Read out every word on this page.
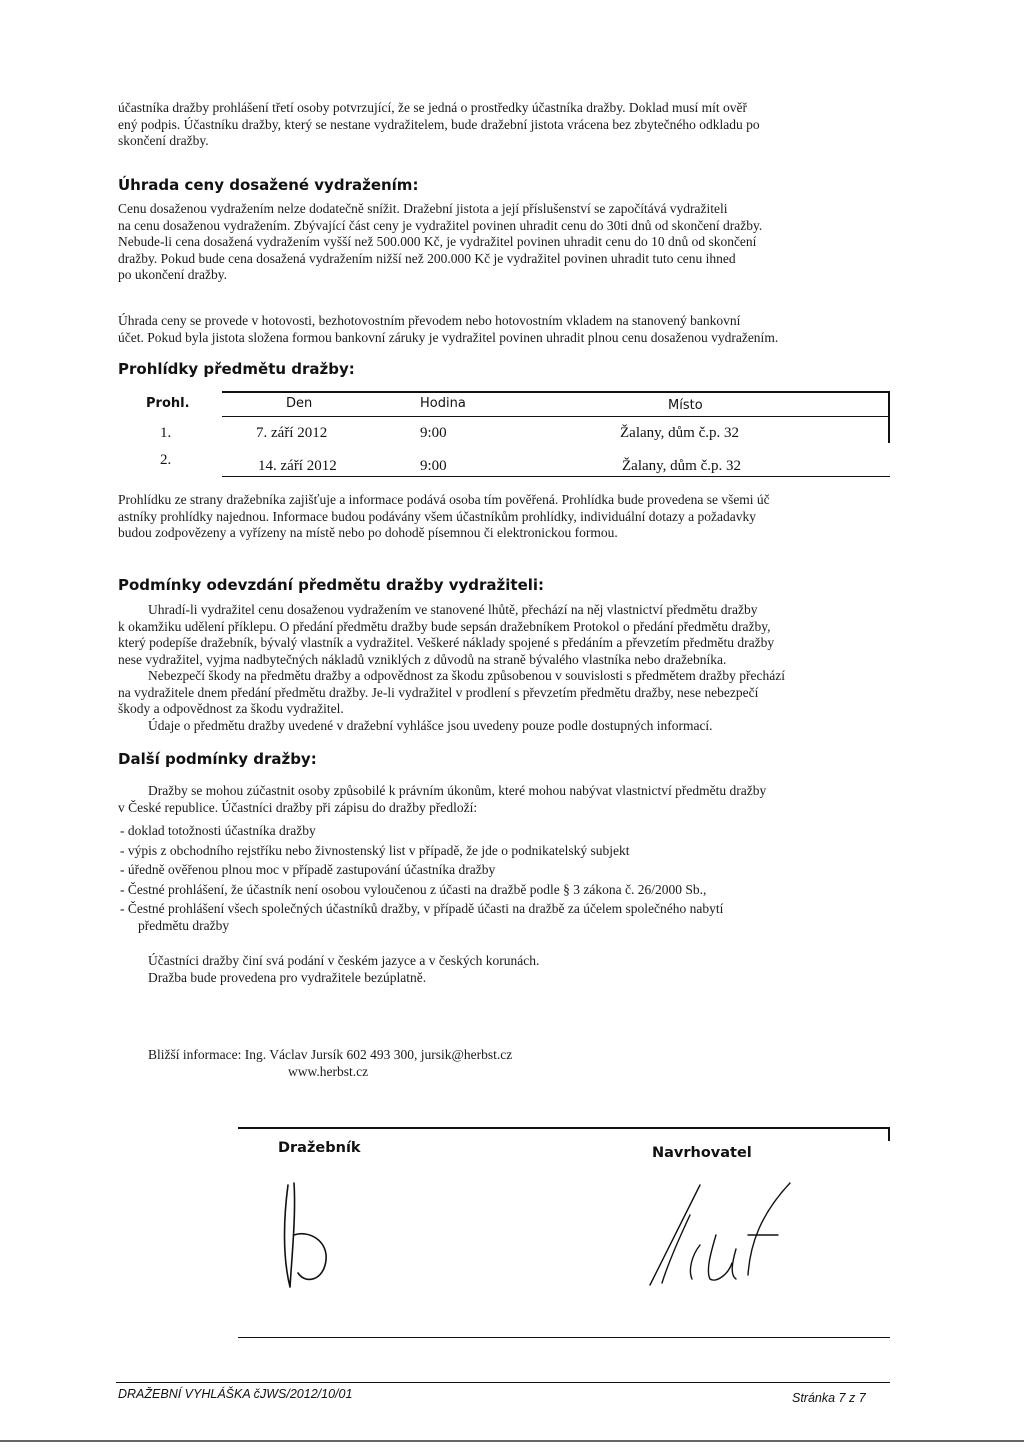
účastníka dražby prohlášení třetí osoby potvrzující, že se jedná o prostředky účastníka dražby. Doklad musí mít ověř
ený podpis. Účastníku dražby, který se nestane vydražitelem, bude dražební jistota vrácena bez zbytečného odkladu po
skončení dražby.
Úhrada ceny dosažené vydražením:
Cenu dosaženou vydražením nelze dodatečně snížit. Dražební jistota a její příslušenství se započítává vydražiteli
na cenu dosaženou vydražením. Zbývající část ceny je vydražitel povinen uhradit cenu do 30ti dnů od skončení dražby.
Nebude-li cena dosažená vydražením vyšší než 500.000 Kč, je vydražitel povinen uhradit cenu do 10 dnů od skončení
dražby. Pokud bude cena dosažená vydražením nižší než 200.000 Kč je vydražitel povinen uhradit tuto cenu ihned
po ukončení dražby.
Úhrada ceny se provede v hotovosti, bezhotovostním převodem nebo hotovostním vkladem na stanovený bankovní
účet. Pokud byla jistota složena formou bankovní záruky je vydražitel povinen uhradit plnou cenu dosaženou vydražením.
Prohlídky předmětu dražby:
Prohl.	Den	Hodina	Místo
1.	7. září 2012	9:00	Žalany, dům č.p. 32
2.	14. září 2012	9:00	Žalany, dům č.p. 32
Prohlídku ze strany dražebníka zajišťuje a informace podává osoba tím pověřená. Prohlídka bude provedena se všemi úč
astníky prohlídky najednou. Informace budou podávány všem účastníkům prohlídky, individuální dotazy a požadavky
budou zodpovězeny a vyřízeny na místě nebo po dohodě písemnou či elektronickou formou.
Podmínky odevzdání předmětu dražby vydražiteli:
Uhradí-li vydražitel cenu dosaženou vydražením ve stanovené lhůtě, přechází na něj vlastnictví předmětu dražby
k okamžiku udělení příklepu. O předání předmětu dražby bude sepsán dražebníkem Protokol o předání předmětu dražby,
který podepíše dražebník, bývalý vlastník a vydražitel. Veškeré náklady spojené s předáním a převzetím předmětu dražby
nese vydražitel, vyjma nadbytečných nákladů vzniklých z důvodů na straně bývalého vlastníka nebo dražebníka.
Nebezpečí škody na předmětu dražby a odpovědnost za škodu způsobenou v souvislosti s předmětem dražby přechází
na vydražitele dnem předání předmětu dražby. Je-li vydražitel v prodlení s převzetím předmětu dražby, nese nebezpečí
škody a odpovědnost za škodu vydražitel.
Údaje o předmětu dražby uvedené v dražební vyhlášce jsou uvedeny pouze podle dostupných informací.
Další podmínky dražby:
Dražby se mohou zúčastnit osoby způsobilé k právním úkonům, které mohou nabývat vlastnictví předmětu dražby
v České republice. Účastníci dražby při zápisu do dražby předloží:
- doklad totožnosti účastníka dražby
- výpis z obchodního rejstříku nebo živnostenský list v případě, že jde o podnikatelský subjekt
- úředně ověřenou plnou moc v případě zastupování účastníka dražby
- Čestné prohlášení, že účastník není osobou vyloučenou z účasti na dražbě podle § 3 zákona č. 26/2000 Sb.,
- Čestné prohlášení všech společných účastníků dražby, v případě účasti na dražbě za účelem společného nabytí
předmětu dražby
Účastníci dražby činí svá podání v českém jazyce a v českých korunách.
Dražba bude provedena pro vydražitele bezúplatně.
Bližší informace: Ing. Václav Jursík 602 493 300, jursik@herbst.cz
www.herbst.cz
Dražebník	Navrhovatel
DRAŽEBNÍ VYHLÁŠKA č.
JWS/2012/10/01	Stránka 7 z 7
